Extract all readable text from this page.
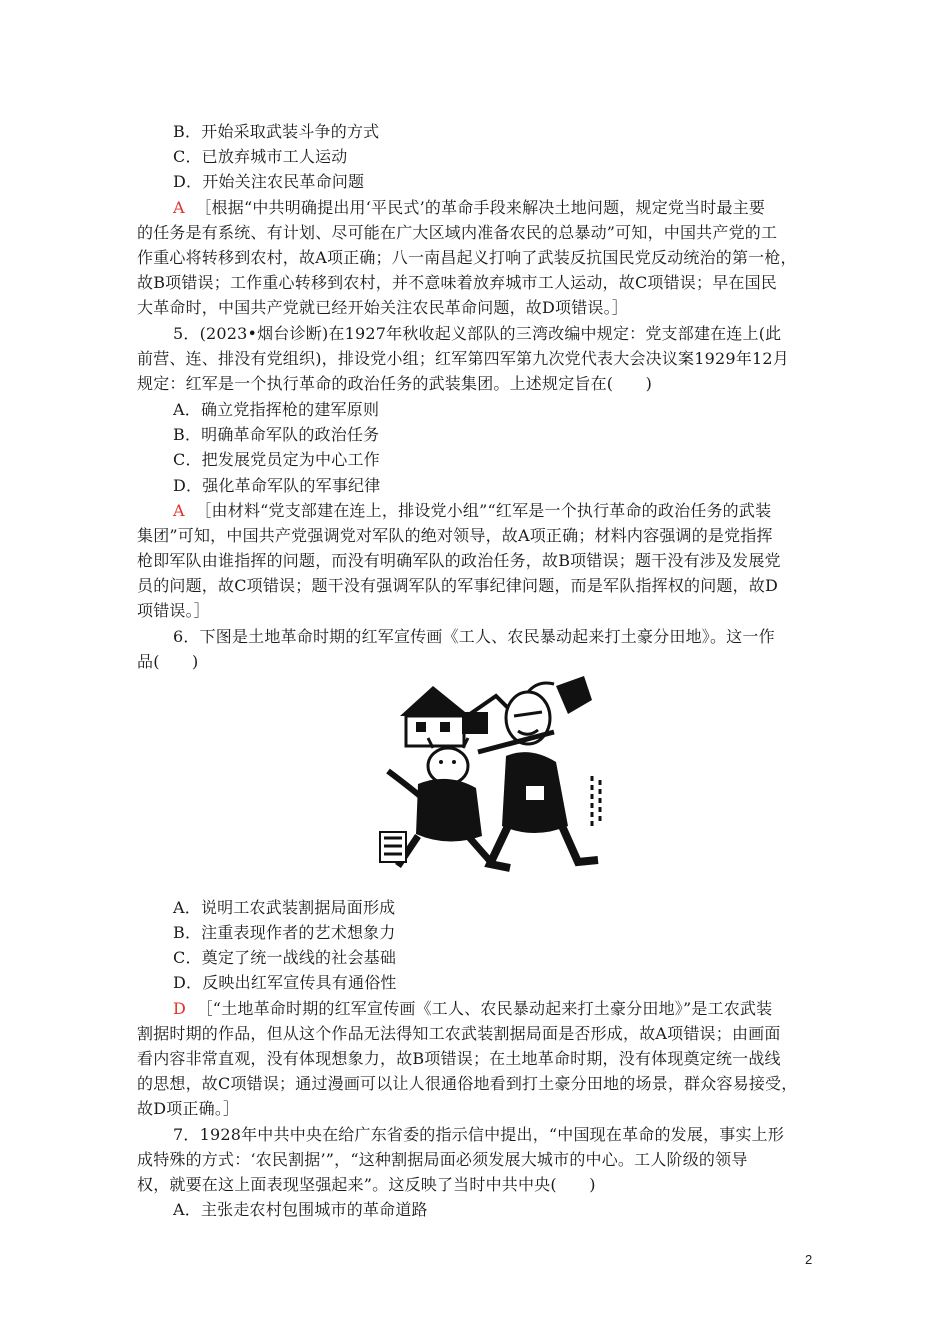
B．开始采取武装斗争的方式
C．已放弃城市工人运动
D．开始关注农民革命问题
A ［根据“中共明确提出用‘平民式’的革命手段来解决土地问题，规定党当时最主要
的任务是有系统、有计划、尽可能在广大区域内准备农民的总暴动”可知，中国共产党的工
作重心将转移到农村，故A项正确；八一南昌起义打响了武装反抗国民党反动统治的第一枪，
故B项错误；工作重心转移到农村，并不意味着放弃城市工人运动，故C项错误；早在国民
大革命时，中国共产党就已经开始关注农民革命问题，故D项错误。］
5．(2023•烟台诊断)在1927年秋收起义部队的三湾改编中规定：党支部建在连上(此
前营、连、排没有党组织)，排设党小组；红军第四军第九次党代表大会决议案1929年12月
规定：红军是一个执行革命的政治任务的武装集团。上述规定旨在(　　)
A．确立党指挥枪的建军原则
B．明确革命军队的政治任务
C．把发展党员定为中心工作
D．强化革命军队的军事纪律
A ［由材料“党支部建在连上，排设党小组”“红军是一个执行革命的政治任务的武装
集团”可知，中国共产党强调党对军队的绝对领导，故A项正确；材料内容强调的是党指挥
枪即军队由谁指挥的问题，而没有明确军队的政治任务，故B项错误；题干没有涉及发展党
员的问题，故C项错误；题干没有强调军队的军事纪律问题，而是军队指挥权的问题，故D
项错误。］
6．下图是土地革命时期的红军宣传画《工人、农民暴动起来打土豪分田地》。这一作
品(　　)
A．说明工农武装割据局面形成
B．注重表现作者的艺术想象力
C．奠定了统一战线的社会基础
D．反映出红军宣传具有通俗性
D ［“土地革命时期的红军宣传画《工人、农民暴动起来打土豪分田地》”是工农武装
割据时期的作品，但从这个作品无法得知工农武装割据局面是否形成，故A项错误；由画面
看内容非常直观，没有体现想象力，故B项错误；在土地革命时期，没有体现奠定统一战线
的思想，故C项错误；通过漫画可以让人很通俗地看到打土豪分田地的场景，群众容易接受，
故D项正确。］
7．1928年中共中央在给广东省委的指示信中提出，“中国现在革命的发展，事实上形
成特殊的方式：‘农民割据’”，“这种割据局面必须发展大城市的中心。工人阶级的领导
权，就要在这上面表现坚强起来”。这反映了当时中共中央(　　)
A．主张走农村包围城市的革命道路
2
